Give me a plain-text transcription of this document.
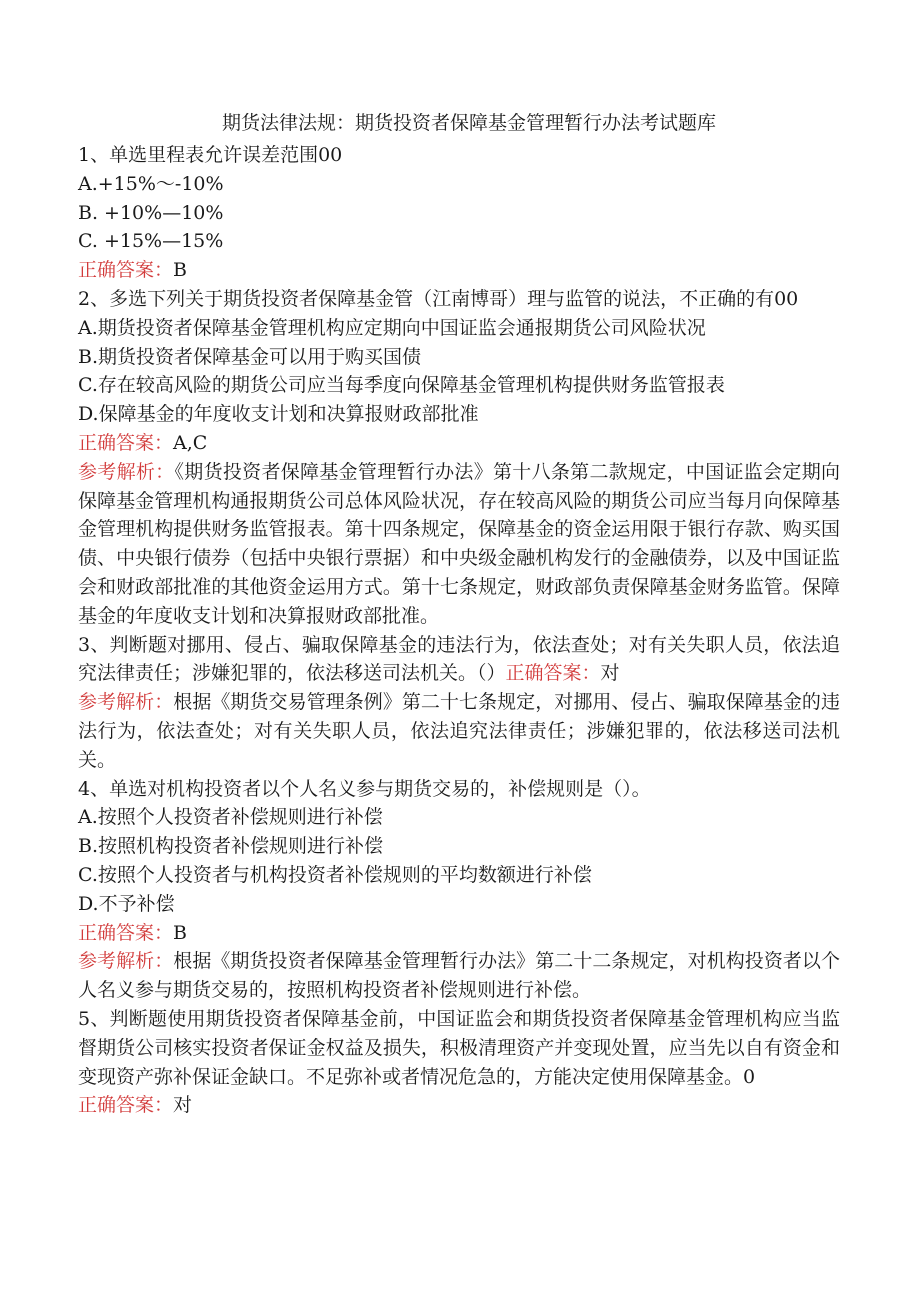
期货法律法规：期货投资者保障基金管理暂行办法考试题库

1、单选里程表允许误差范围00

A.+15%～-10%

B. +10%—10%

C. +15%—15%

正确答案：B

2、多选下列关于期货投资者保障基金管（江南博哥）理与监管的说法，不正确的有00

A.期货投资者保障基金管理机构应定期向中国证监会通报期货公司风险状况

B.期货投资者保障基金可以用于购买国债

C.存在较高风险的期货公司应当每季度向保障基金管理机构提供财务监管报表

D.保障基金的年度收支计划和决算报财政部批准

正确答案：A,C

参考解析：《期货投资者保障基金管理暂行办法》第十八条第二款规定，中国证监会定期向保障基金管理机构通报期货公司总体风险状况，存在较高风险的期货公司应当每月向保障基金管理机构提供财务监管报表。第十四条规定，保障基金的资金运用限于银行存款、购买国债、中央银行债券（包括中央银行票据）和中央级金融机构发行的金融债券，以及中国证监会和财政部批准的其他资金运用方式。第十七条规定，财政部负责保障基金财务监管。保障基金的年度收支计划和决算报财政部批准。

3、判断题对挪用、侵占、骗取保障基金的违法行为，依法查处；对有关失职人员，依法追究法律责任；涉嫌犯罪的，依法移送司法机关。（）正确答案：对

参考解析：根据《期货交易管理条例》第二十七条规定，对挪用、侵占、骗取保障基金的违法行为，依法查处；对有关失职人员，依法追究法律责任；涉嫌犯罪的，依法移送司法机关。

4、单选对机构投资者以个人名义参与期货交易的，补偿规则是（）。

A.按照个人投资者补偿规则进行补偿

B.按照机构投资者补偿规则进行补偿

C.按照个人投资者与机构投资者补偿规则的平均数额进行补偿

D.不予补偿

正确答案：B

参考解析：根据《期货投资者保障基金管理暂行办法》第二十二条规定，对机构投资者以个人名义参与期货交易的，按照机构投资者补偿规则进行补偿。

5、判断题使用期货投资者保障基金前，中国证监会和期货投资者保障基金管理机构应当监督期货公司核实投资者保证金权益及损失，积极清理资产并变现处置，应当先以自有资金和变现资产弥补保证金缺口。不足弥补或者情况危急的，方能决定使用保障基金。0

正确答案：对
